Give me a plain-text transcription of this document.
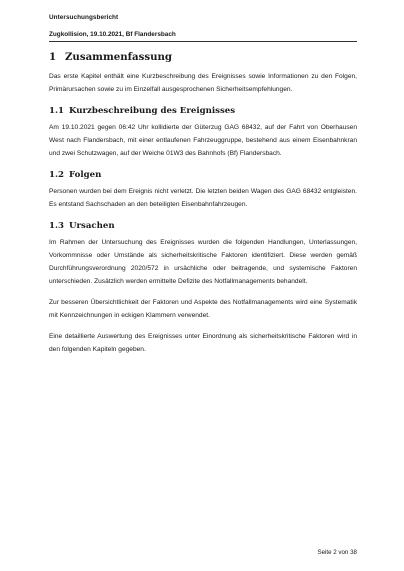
Untersuchungsbericht
Zugkollision, 19.10.2021, Bf Flandersbach
1 Zusammenfassung

Das erste Kapitel enthält eine Kurzbeschreibung des Ereignisses sowie Informationen zu den Folgen, Primärursachen sowie zu im Einzelfall ausgesprochenen Sicherheitsempfehlungen.

1.1 Kurzbeschreibung des Ereignisses

Am 19.10.2021 gegen 06:42 Uhr kollidierte der Güterzug GAG 68432, auf der Fahrt von Oberhausen West nach Flandersbach, mit einer entlaufenen Fahrzeuggruppe, bestehend aus einem Eisenbahnkran und zwei Schutzwagen, auf der Weiche 01W3 des Bahnhofs (Bf) Flandersbach.

1.2 Folgen

Personen wurden bei dem Ereignis nicht verletzt. Die letzten beiden Wagen des GAG 68432 entgleisten. Es entstand Sachschaden an den beteiligten Eisenbahnfahrzeugen.

1.3 Ursachen

Im Rahmen der Untersuchung des Ereignisses wurden die folgenden Handlungen, Unterlassungen, Vorkommnisse oder Umstände als sicherheitskritische Faktoren identifiziert. Diese werden gemäß Durchführungsverordnung 2020/572 in ursächliche oder beitragende, und systemische Faktoren unterschieden. Zusätzlich werden ermittelte Defizite des Notfallmanagements behandelt.

Zur besseren Übersichtlichkeit der Faktoren und Aspekte des Notfallmanagements wird eine Systematik mit Kennzeichnungen in eckigen Klammern verwendet.

Eine detaillierte Auswertung des Ereignisses unter Einordnung als sicherheitskritische Faktoren wird in den folgenden Kapiteln gegeben.

Seite 2 von 38
